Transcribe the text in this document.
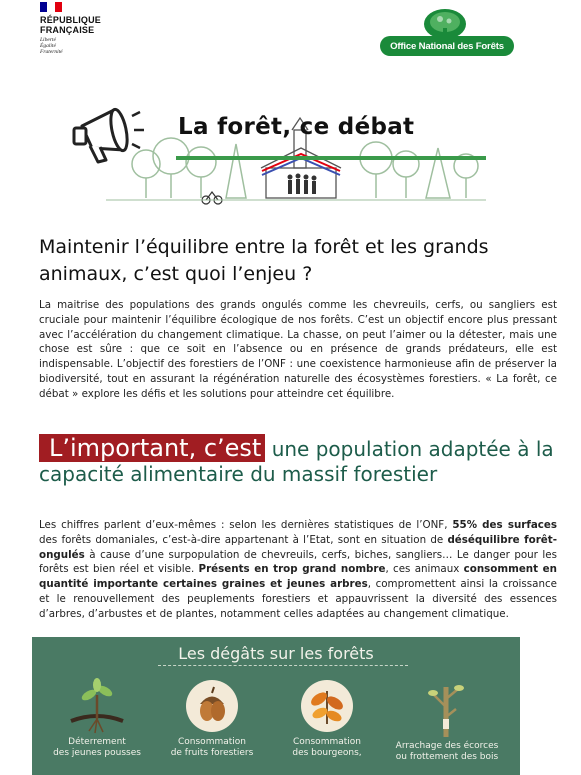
RÉPUBLIQUE
FRANÇAISE
Liberté
Égalité
Fraternité
Office National des Forêts
La forêt, ce débat
Maintenir l’équilibre entre la forêt et les grands animaux, c’est quoi l’enjeu ?

La maitrise des populations des grands ongulés comme les chevreuils, cerfs, ou sangliers est cruciale pour maintenir l’équilibre écologique de nos forêts. C’est un objectif encore plus pressant avec l’accélération du changement climatique. La chasse, on peut l’aimer ou la détester, mais une chose est sûre : que ce soit en l’absence ou en présence de grands prédateurs, elle est indispensable. L’objectif des forestiers de l’ONF : une coexistence harmonieuse afin de préserver la biodiversité, tout en assurant la régénération naturelle des écosystèmes forestiers. « La forêt, ce débat » explore les défis et les solutions pour atteindre cet équilibre.

L’important, c’est une population adaptée à la capacité alimentaire du massif forestier

Les chiffres parlent d’eux-mêmes : selon les dernières statistiques de l’ONF, 55% des surfaces des forêts domaniales, c’est-à-dire appartenant à l’Etat, sont en situation de déséquilibre forêt-ongulés à cause d’une surpopulation de chevreuils, cerfs, biches, sangliers… Le danger pour les forêts est bien réel et visible. Présents en trop grand nombre, ces animaux consomment en quantité importante certaines graines et jeunes arbres, compromettent ainsi la croissance et le renouvellement des peuplements forestiers et appauvrissent la diversité des essences d’arbres, d’arbustes et de plantes, notamment celles adaptées au changement climatique.

Les dégâts sur les forêts
Déterrement
des jeunes pousses
Consommation
de fruits forestiers
Consommation
des bourgeons,
Arrachage des écorces
ou frottement des bois
